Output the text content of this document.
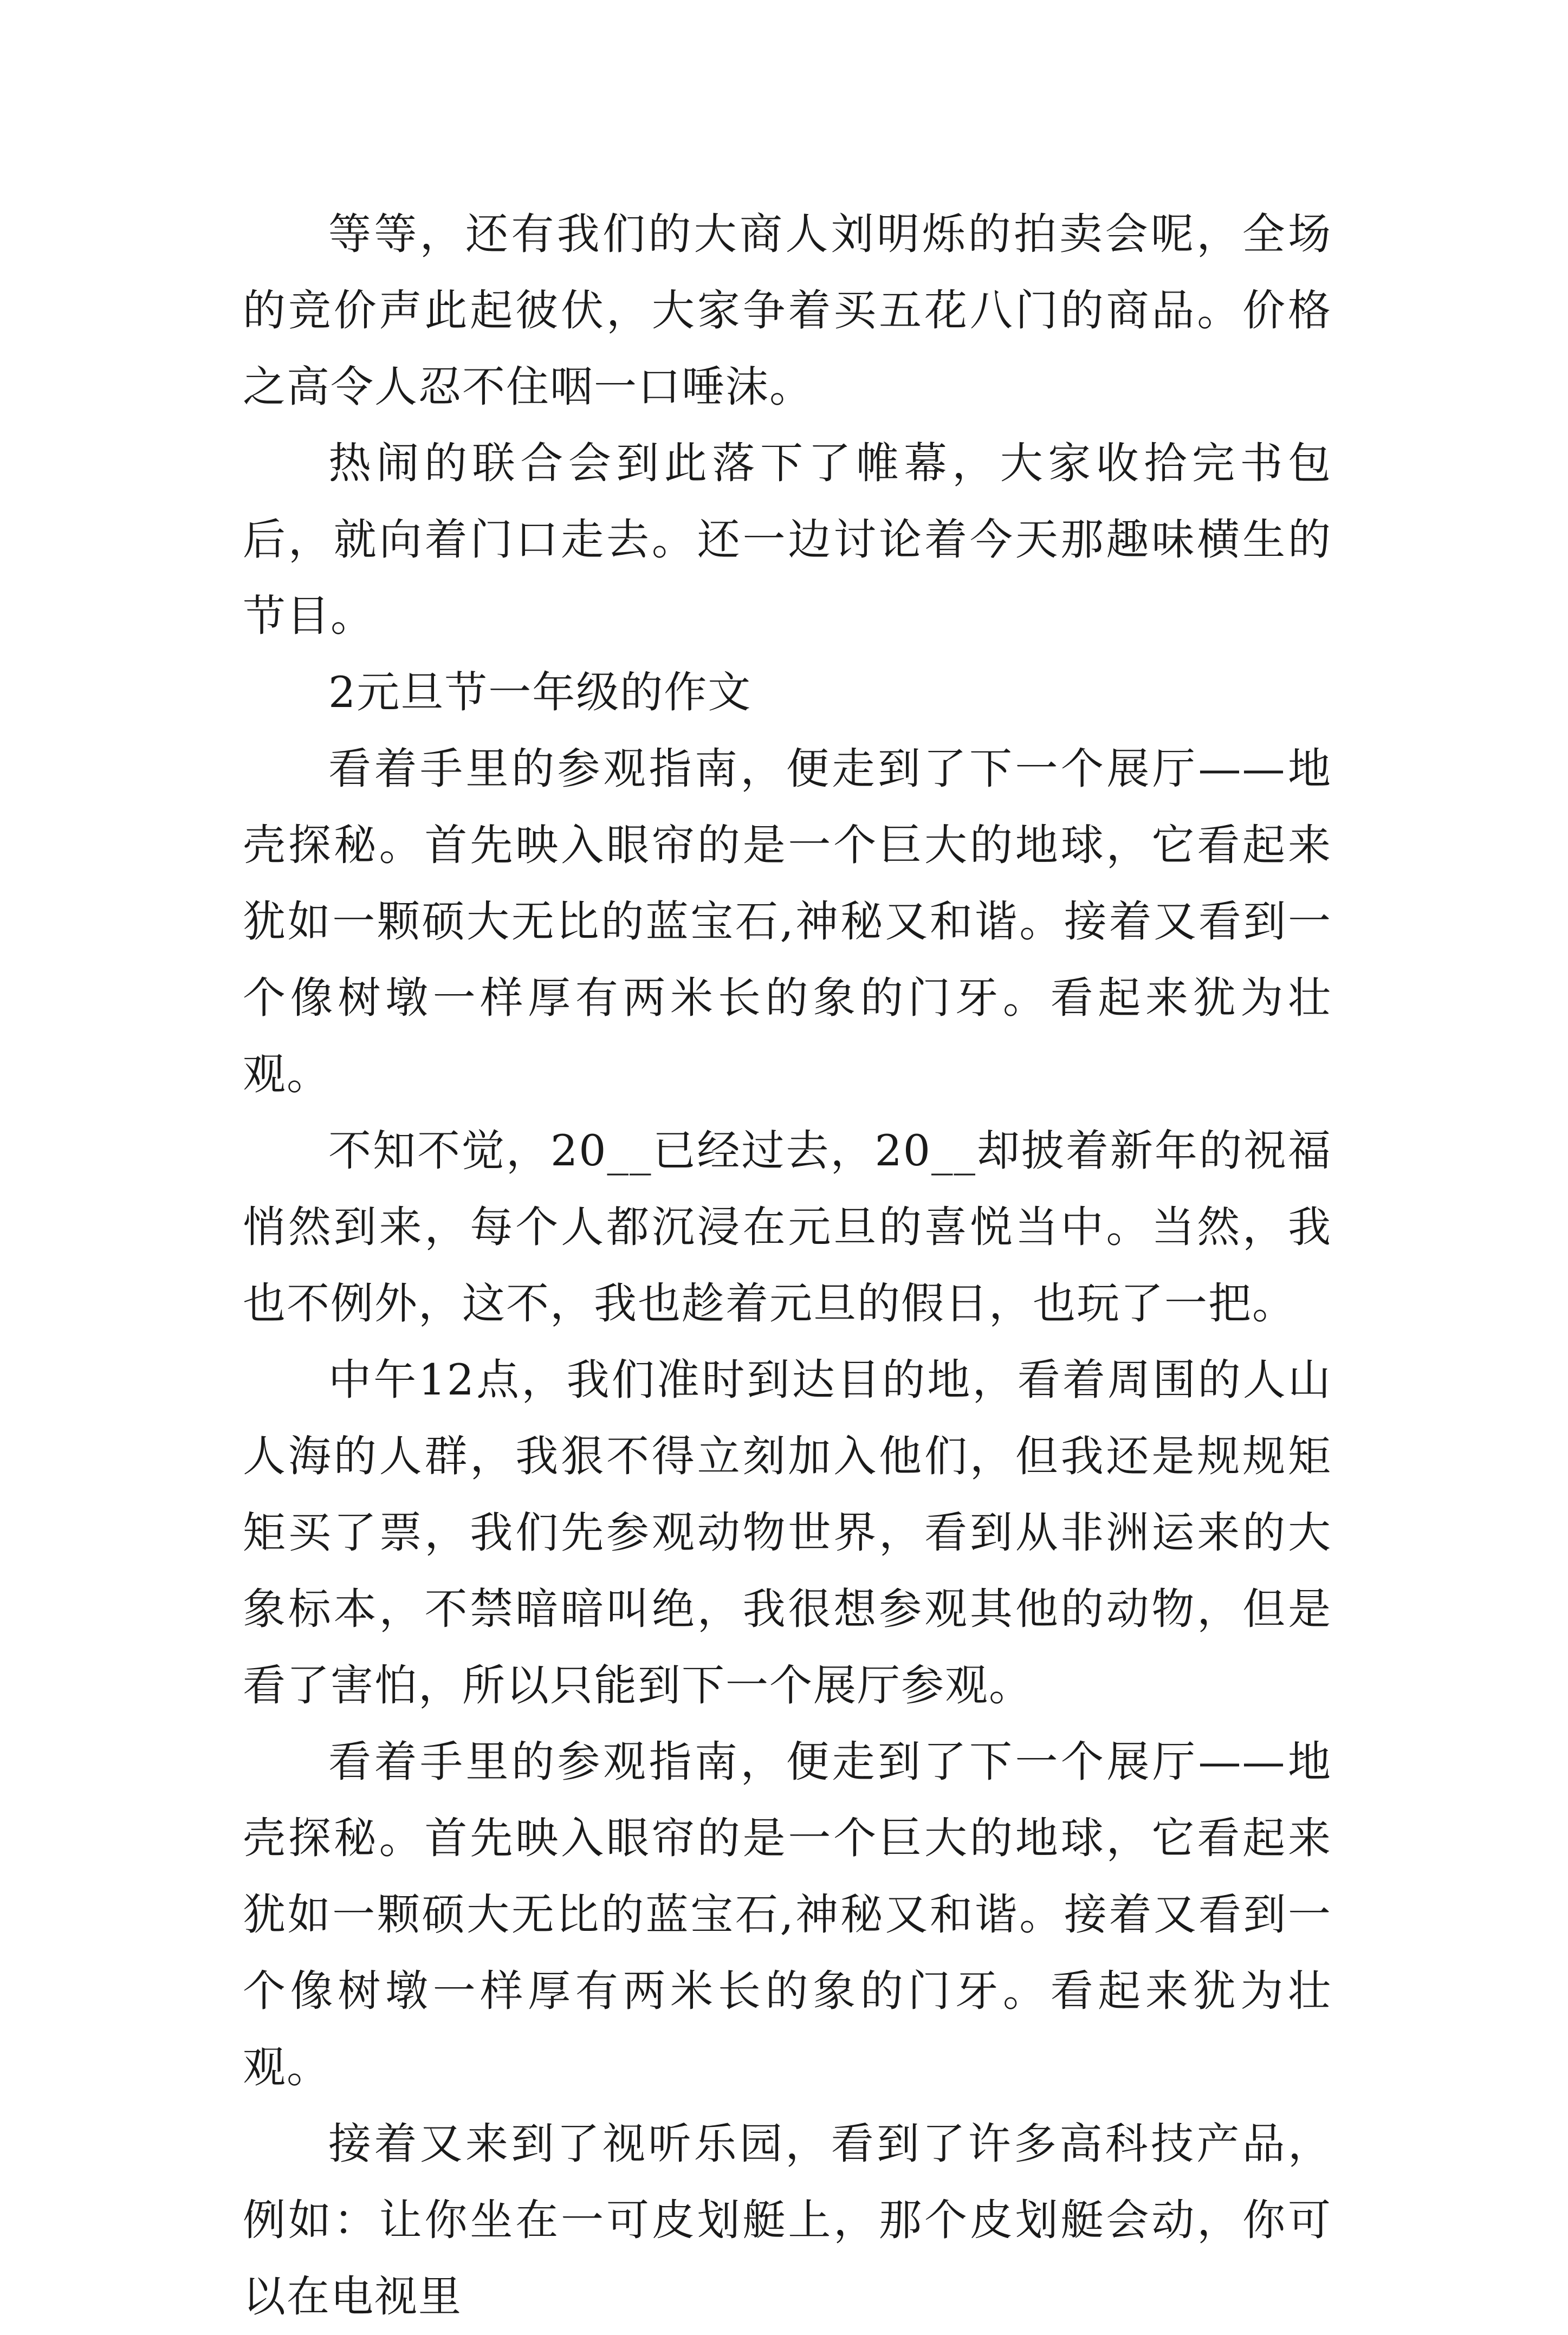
等等，还有我们的大商人刘明烁的拍卖会呢，全场的竞价声此起彼伏，大家争着买五花八门的商品。价格之高令人忍不住咽一口唾沫。

热闹的联合会到此落下了帷幕，大家收拾完书包后，就向着门口走去。还一边讨论着今天那趣味横生的节目。

2元旦节一年级的作文

看着手里的参观指南，便走到了下一个展厅——地壳探秘。首先映入眼帘的是一个巨大的地球，它看起来犹如一颗硕大无比的蓝宝石,神秘又和谐。接着又看到一个像树墩一样厚有两米长的象的门牙。看起来犹为壮观。

不知不觉，20__已经过去，20__却披着新年的祝福悄然到来，每个人都沉浸在元旦的喜悦当中。当然，我也不例外，这不，我也趁着元旦的假日，也玩了一把。

中午12点，我们准时到达目的地，看着周围的人山人海的人群，我狠不得立刻加入他们，但我还是规规矩矩买了票，我们先参观动物世界，看到从非洲运来的大象标本，不禁暗暗叫绝，我很想参观其他的动物，但是看了害怕，所以只能到下一个展厅参观。

看着手里的参观指南，便走到了下一个展厅——地壳探秘。首先映入眼帘的是一个巨大的地球，它看起来犹如一颗硕大无比的蓝宝石,神秘又和谐。接着又看到一个像树墩一样厚有两米长的象的门牙。看起来犹为壮观。

接着又来到了视听乐园，看到了许多高科技产品，例如：让你坐在一可皮划艇上，那个皮划艇会动，你可以在电视里
